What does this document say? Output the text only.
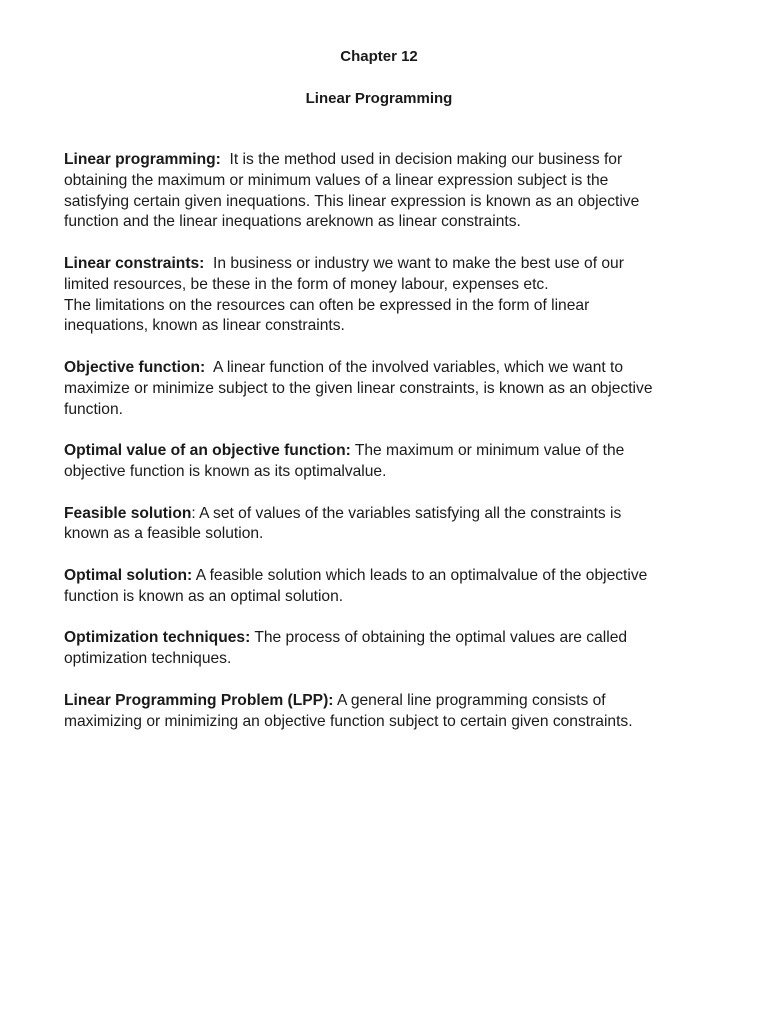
Chapter 12
Linear Programming

Linear programming:  It is the method used in decision making our business for
obtaining the maximum or minimum values of a linear expression subject is the
satisfying certain given inequations. This linear expression is known as an objective
function and the linear inequations areknown as linear constraints.

Linear constraints:  In business or industry we want to make the best use of our
limited resources, be these in the form of money labour, expenses etc.
The limitations on the resources can often be expressed in the form of linear
inequations, known as linear constraints.

Objective function:  A linear function of the involved variables, which we want to
maximize or minimize subject to the given linear constraints, is known as an objective
function.

Optimal value of an objective function: The maximum or minimum value of the
objective function is known as its optimalvalue.

Feasible solution: A set of values of the variables satisfying all the constraints is
known as a feasible solution.

Optimal solution: A feasible solution which leads to an optimalvalue of the objective
function is known as an optimal solution.

Optimization techniques: The process of obtaining the optimal values are called
optimization techniques.

Linear Programming Problem (LPP): A general line programming consists of
maximizing or minimizing an objective function subject to certain given constraints.
